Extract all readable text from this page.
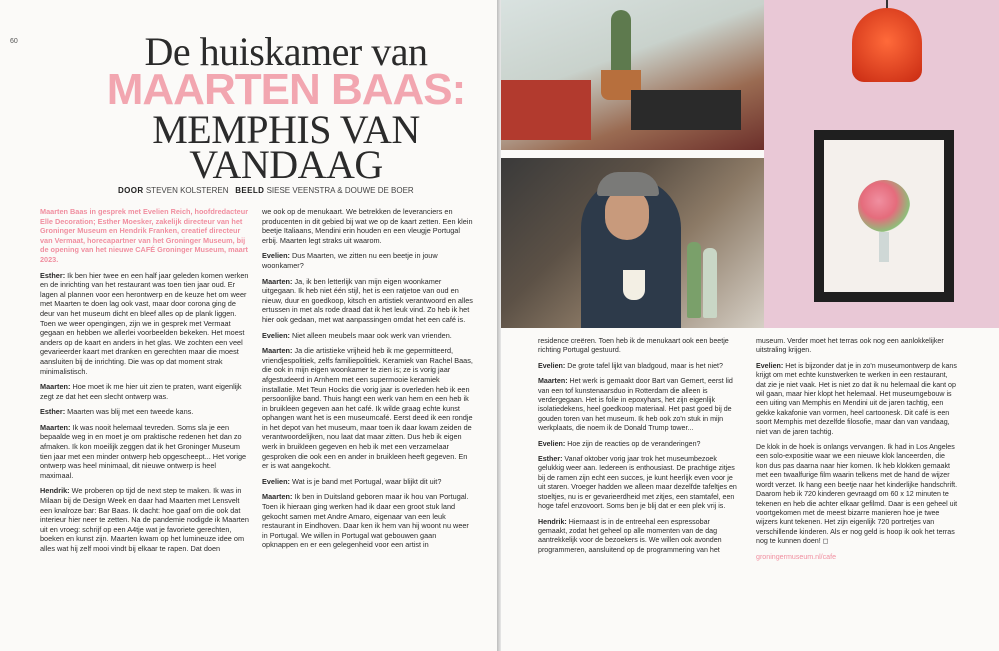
60	De huiskamer van
MAARTEN BAAS:
MEMPHIS VAN VANDAAG
DOOR STEVEN KOLSTEREN BEELD SIESE VEENSTRA & DOUWE DE BOER

Maarten Baas in gesprek met Evelien Reich, hoofdredacteur Elle Decoration; Esther Moesker, zakelijk directeur van het Groninger Museum en Hendrik Franken, creatief directeur van Vermaat, horecapartner van het Groninger Museum, bij de opening van het nieuwe CAFÉ Groninger Museum, maart 2023.

Esther: Ik ben hier twee en een half jaar geleden komen werken en de inrichting van het restaurant was toen tien jaar oud. Er lagen al plannen voor een herontwerp en de keuze het om weer met Maarten te doen lag ook vast, maar door corona ging de deur van het museum dicht en bleef alles op de plank liggen. Toen we weer opengingen, zijn we in gesprek met Vermaat gegaan en hebben we allerlei voorbeelden bekeken. Het moest anders op de kaart en anders in het glas. We zochten een veel gevarieerder kaart met dranken en gerechten maar die moest aansluiten bij de inrichting. Die was op dat moment strak minimalistisch.

Maarten: Hoe moet ik me hier uit zien te praten, want eigenlijk zegt ze dat het een slecht ontwerp was.

Esther: Maarten was blij met een tweede kans.

Maarten: Ik was nooit helemaal tevreden. Soms sla je een bepaalde weg in en moet je om praktische redenen het dan zo afmaken. Ik kon moeilijk zeggen dat ik het Groninger Museum tien jaar met een minder ontwerp heb opgescheept... Het vorige ontwerp was heel minimaal, dit nieuwe ontwerp is heel maximaal.

Hendrik: We proberen op tijd de next step te maken. Ik was in Milaan bij de Design Week en daar had Maarten met Lensvelt een knalroze bar: Bar Baas. Ik dacht: hoe gaaf om die ook dat interieur hier neer te zetten. Na de pandemie nodigde ik Maarten uit en vroeg: schrijf op een A4tje wat je favoriete gerechten, boeken en kunst zijn. Maarten kwam op het lumineuze idee om alles wat hij zelf mooi vindt bij elkaar te rapen. Dat doen

we ook op de menukaart. We betrekken de leveranciers en producenten in dit gebied bij wat we op de kaart zetten. Een klein beetje Italiaans, Mendini erin houden en een vleugje Portugal erbij. Maarten legt straks uit waarom.

Evelien: Dus Maarten, we zitten nu een beetje in jouw woonkamer?

Maarten: Ja, ik ben letterlijk van mijn eigen woonkamer uitgegaan. Ik heb niet één stijl, het is een ratjetoe van oud en nieuw, duur en goedkoop, kitsch en artistiek verantwoord en alles ertussen in met als rode draad dat ik het leuk vind. Zo heb ik het hier ook gedaan, met wat aanpassingen omdat het een café is.

Evelien: Niet alleen meubels maar ook werk van vrienden.

Maarten: Ja die artistieke vrijheid heb ik me gepermitteerd, vriendjespolitiek, zelfs familiepolitiek. Keramiek van Rachel Baas, die ook in mijn eigen woonkamer te zien is; ze is vorig jaar afgestudeerd in Arnhem met een supermooie keramiek installatie. Met Teun Hocks die vorig jaar is overleden heb ik een persoonlijke band. Thuis hangt een werk van hem en een heb ik in bruikleen gegeven aan het café. Ik wilde graag echte kunst ophangen want het is een museumcafé. Eerst deed ik een rondje in het depot van het museum, maar toen ik daar kwam zeiden de verantwoordelijken, nou laat dat maar zitten. Dus heb ik eigen werk in bruikleen gegeven en heb ik met een verzamelaar gesproken die ook een en ander in bruikleen heeft gegeven. En er is wat aangekocht.

Evelien: Wat is je band met Portugal, waar blijkt dit uit?

Maarten: Ik ben in Duitsland geboren maar ik hou van Portugal. Toen ik hieraan ging werken had ik daar een groot stuk land gekocht samen met Andre Amaro, eigenaar van een leuk restaurant in Eindhoven. Daar ken ik hem van hij woont nu weer in Portugal. We willen in Portugal wat gebouwen gaan opknappen en er een gelegenheid voor een artist in

residence creëren. Toen heb ik de menukaart ook een beetje richting Portugal gestuurd.

Evelien: De grote tafel lijkt van bladgoud, maar is het niet?

Maarten: Het werk is gemaakt door Bart van Gemert, eerst lid van een tof kunstenaarsduo in Rotterdam die alleen is verdergegaan. Het is folie in epoxyhars, het zijn eigenlijk isolatiedekens, heel goedkoop materiaal. Het past goed bij de gouden toren van het museum. Ik heb ook zo'n stuk in mijn werkplaats, die noem ik de Donald Trump tower...

Evelien: Hoe zijn de reacties op de veranderingen?

Esther: Vanaf oktober vorig jaar trok het museumbezoek gelukkig weer aan. Iedereen is enthousiast. De prachtige zitjes bij de ramen zijn echt een succes, je kunt heerlijk even voor je uit staren. Vroeger hadden we alleen maar dezelfde tafeltjes en stoeltjes, nu is er gevarieerdheid met zitjes, een stamtafel, een hoge tafel enzovoort. Soms ben je blij dat er een plek vrij is.

Hendrik: Hiernaast is in de entreehal een espressobar gemaakt, zodat het geheel op alle momenten van de dag aantrekkelijk voor de bezoekers is. We willen ook avonden programmeren, aansluitend op de programmering van het

museum. Verder moet het terras ook nog een aanlokkelijker uitstraling krijgen.

Evelien: Het is bijzonder dat je in zo'n museumontwerp de kans krijgt om met echte kunstwerken te werken in een restaurant, dat zie je niet vaak. Het is niet zo dat ik nu helemaal die kant op wil gaan, maar hier klopt het helemaal. Het museumgebouw is een uiting van Memphis en Mendini uit de jaren tachtig, een gekke kakafonie van vormen, heel cartoonesk. Dit café is een soort Memphis met dezelfde filosofie, maar dan van vandaag, niet van de jaren tachtig.

De klok in de hoek is onlangs vervangen. Ik had in Los Angeles een solo-expositie waar we een nieuwe klok lanceerden, die kon dus pas daarna naar hier komen. Ik heb klokken gemaakt met een twaalfurige film waarin telkens met de hand de wijzer wordt verzet. Ik hang een beetje naar het kinderlijke handschrift. Daarom heb ik 720 kinderen gevraagd om 60 x 12 minuten te tekenen en heb die achter elkaar gefilmd. Daar is een geheel uit voortgekomen met de meest bizarre manieren hoe je twee wijzers kunt tekenen. Het zijn eigenlijk 720 portretjes van verschillende kinderen. Als er nog geld is hoop ik ook het terras nog te kunnen doen! ◻

groningermuseum.nl/cafe
